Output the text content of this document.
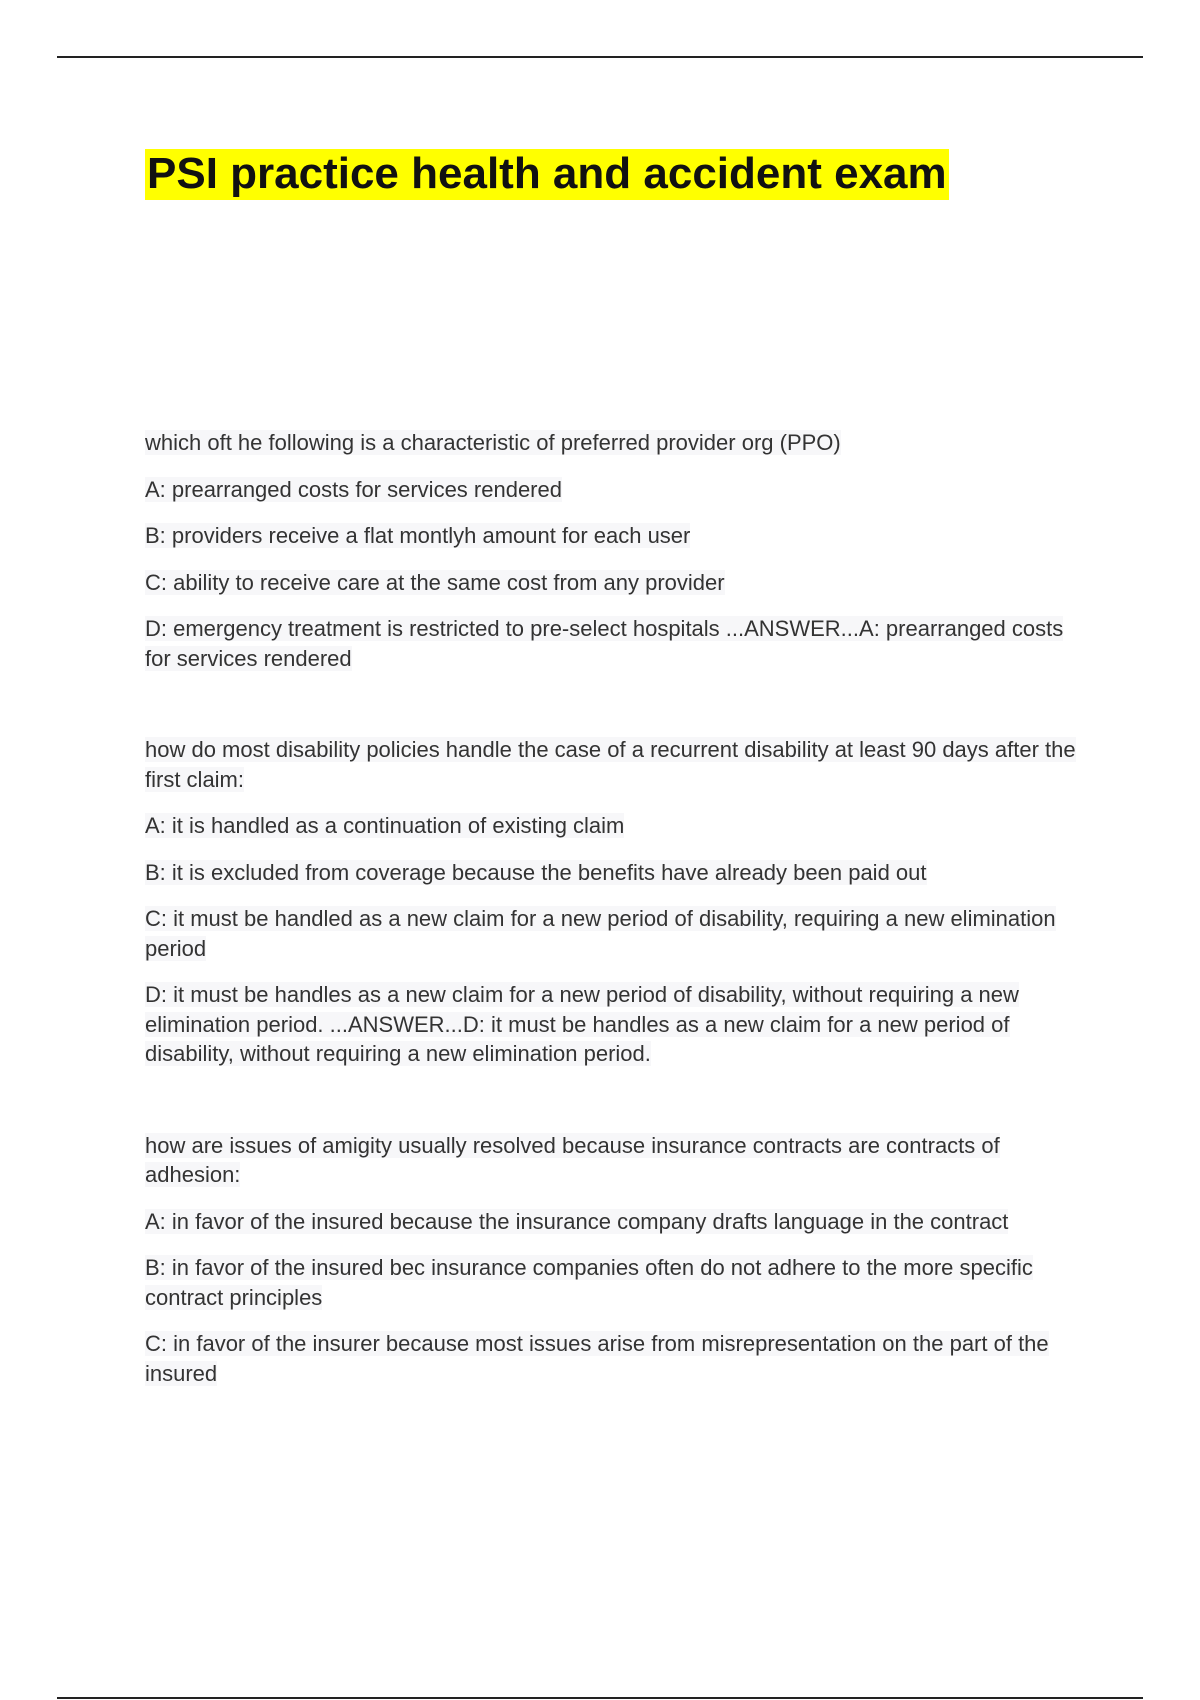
PSI practice health and accident exam

which oft he following is a characteristic of preferred provider org (PPO)

A: prearranged costs for services rendered

B: providers receive a flat montlyh amount for each user

C: ability to receive care at the same cost from any provider

D: emergency treatment is restricted to pre-select hospitals ...ANSWER...A: prearranged costs for services rendered

how do most disability policies handle the case of a recurrent disability at least 90 days after the first claim:

A: it is handled as a continuation of existing claim

B: it is excluded from coverage because the benefits have already been paid out

C: it must be handled as a new claim for a new period of disability, requiring a new elimination period

D: it must be handles as a new claim for a new period of disability, without requiring a new elimination period. ...ANSWER...D: it must be handles as a new claim for a new period of disability, without requiring a new elimination period.

how are issues of amigity usually resolved because insurance contracts are contracts of adhesion:

A: in favor of the insured because the insurance company drafts language in the contract

B: in favor of the insured bec insurance companies often do not adhere to the more specific contract principles

C: in favor of the insurer because most issues arise from misrepresentation on the part of the insured
